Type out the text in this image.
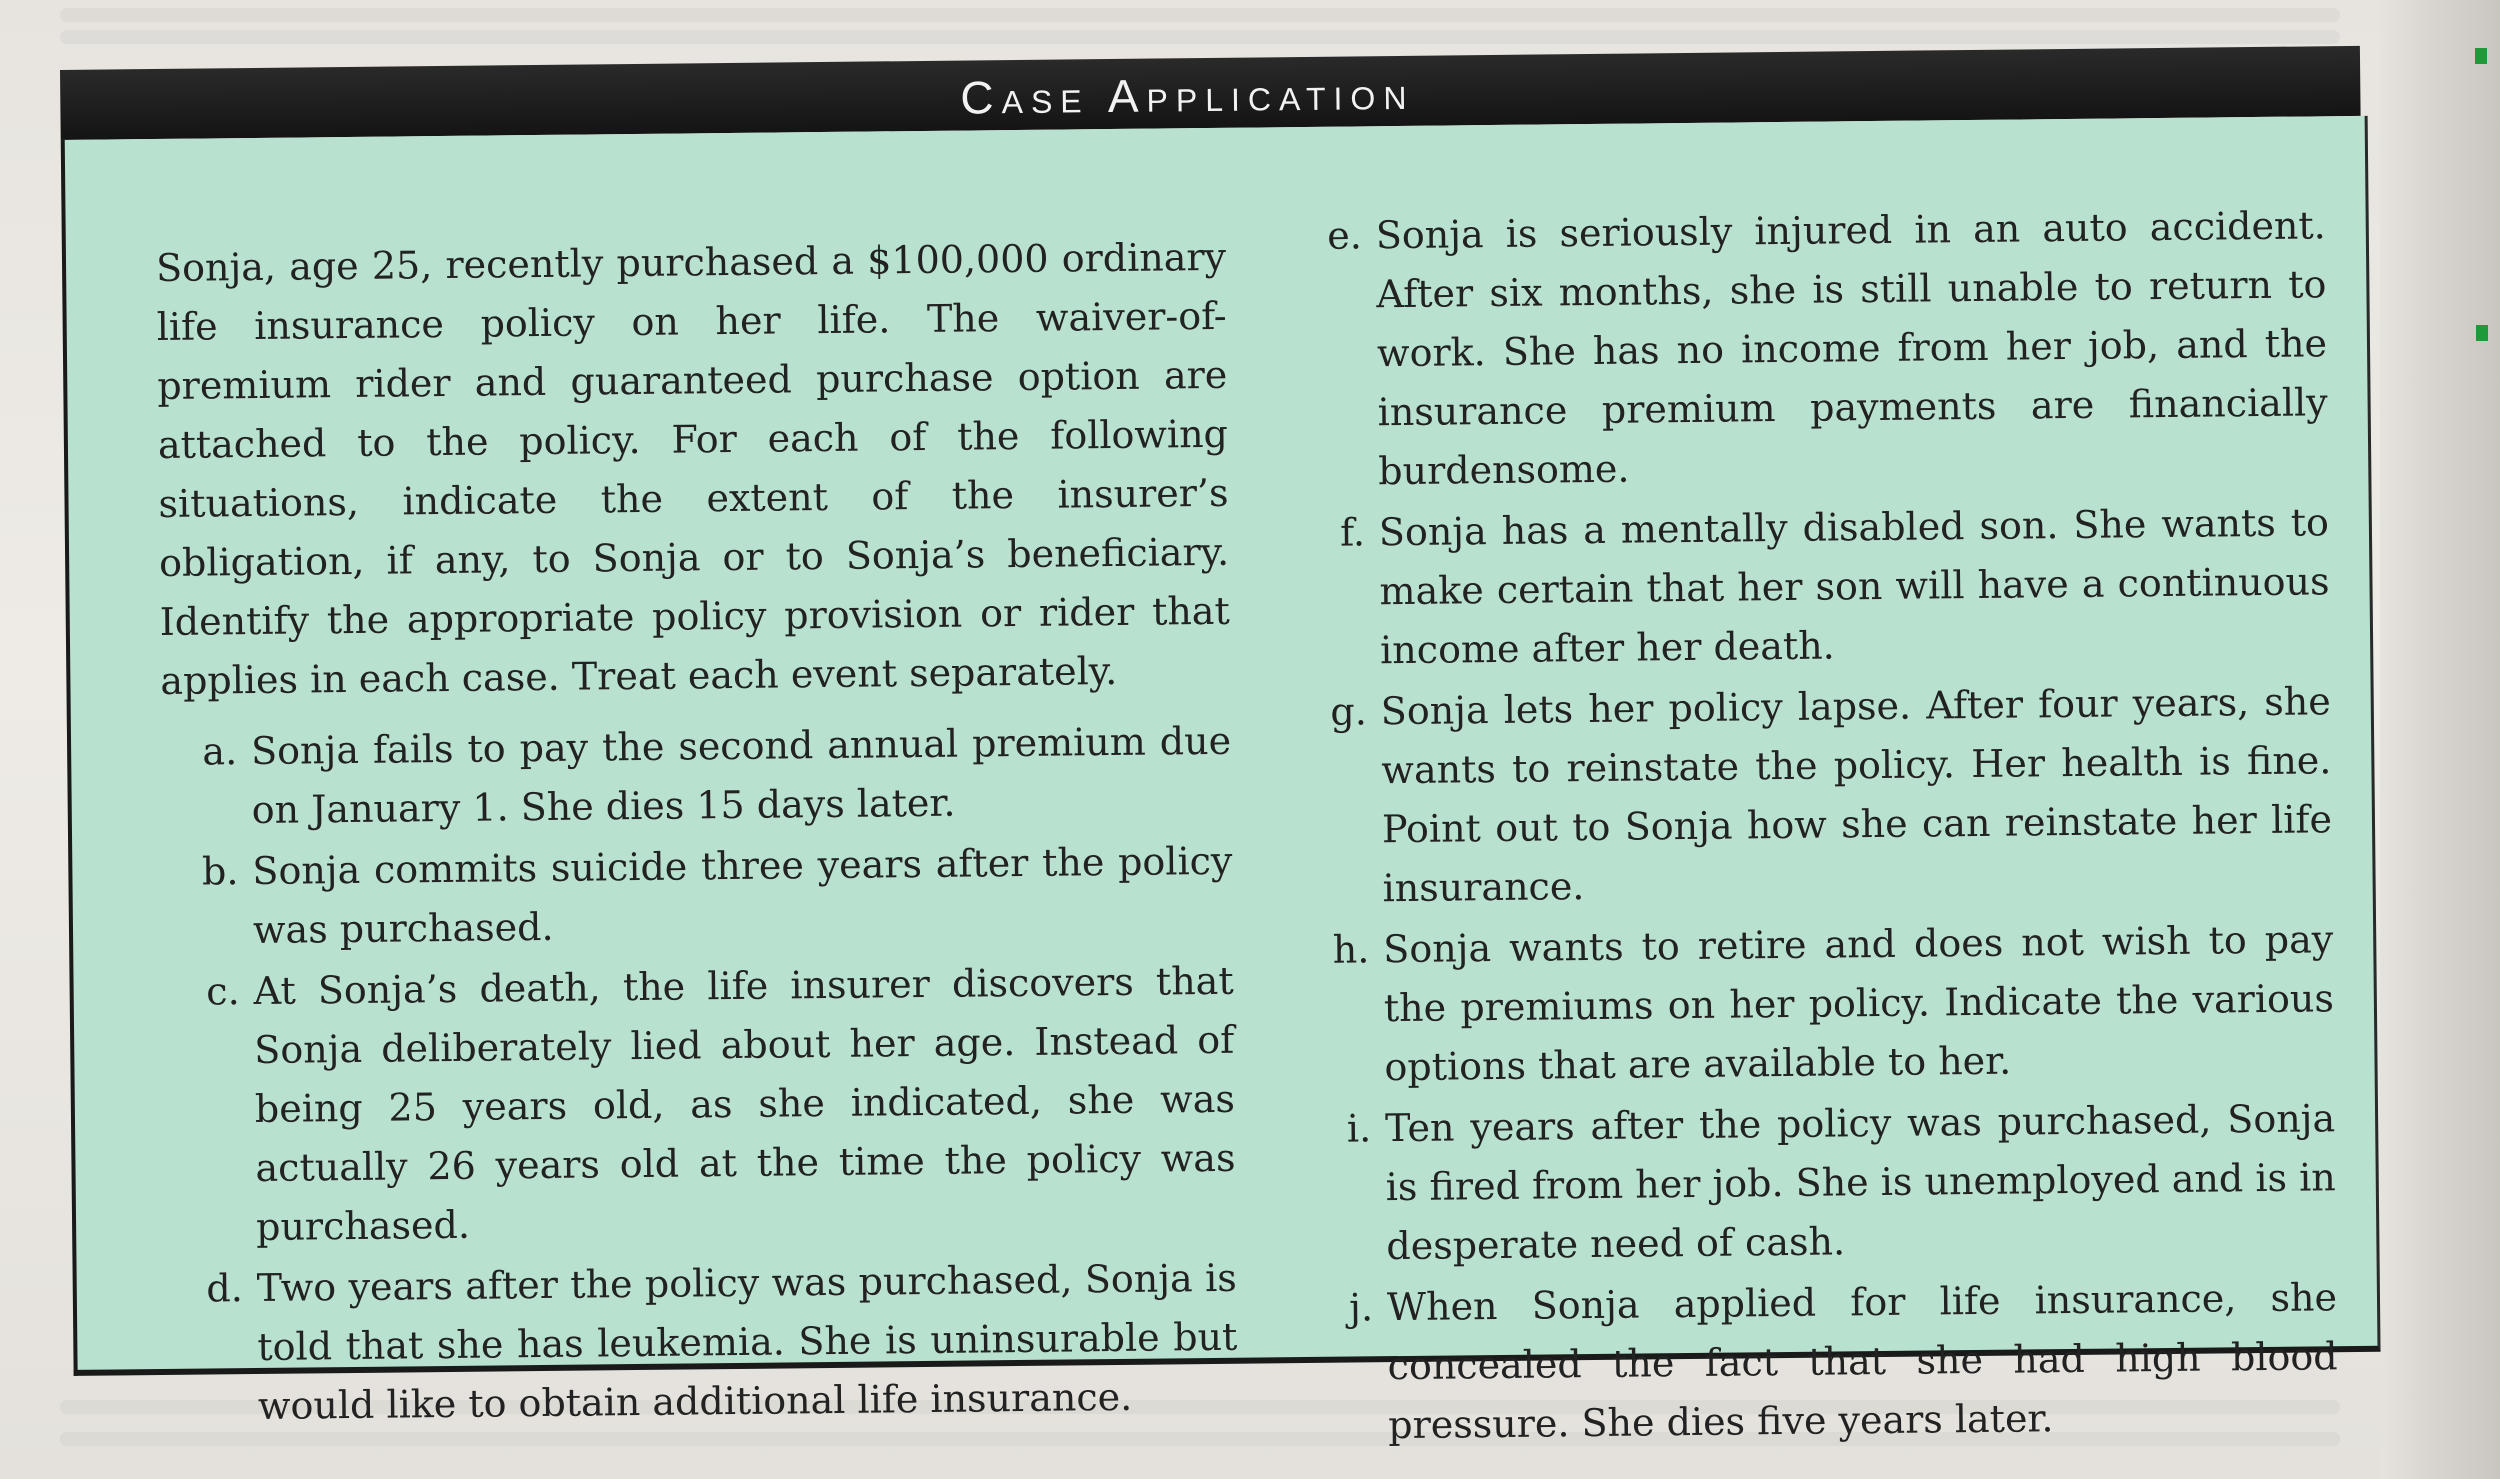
Case Application

Sonja, age 25, recently purchased a $100,000 ordinary life insurance policy on her life. The waiver-of-premium rider and guaranteed purchase option are attached to the policy. For each of the following situations, indicate the extent of the insurer’s obligation, if any, to Sonja or to Sonja’s beneficiary. Identify the appropriate policy provision or rider that applies in each case. Treat each event separately.

a. Sonja fails to pay the second annual premium due on January 1. She dies 15 days later.
b. Sonja commits suicide three years after the policy was purchased.
c. At Sonja’s death, the life insurer discovers that Sonja deliberately lied about her age. Instead of being 25 years old, as she indicated, she was actually 26 years old at the time the policy was purchased.
d. Two years after the policy was purchased, Sonja is told that she has leukemia. She is uninsurable but would like to obtain additional life insurance.
e. Sonja is seriously injured in an auto accident. After six months, she is still unable to return to work. She has no income from her job, and the insurance premium payments are financially burdensome.
f. Sonja has a mentally disabled son. She wants to make certain that her son will have a continuous income after her death.
g. Sonja lets her policy lapse. After four years, she wants to reinstate the policy. Her health is fine. Point out to Sonja how she can reinstate her life insurance.
h. Sonja wants to retire and does not wish to pay the premiums on her policy. Indicate the various options that are available to her.
i. Ten years after the policy was purchased, Sonja is fired from her job. She is unemployed and is in desperate need of cash.
j. When Sonja applied for life insurance, she concealed the fact that she had high blood pressure. She dies five years later.
